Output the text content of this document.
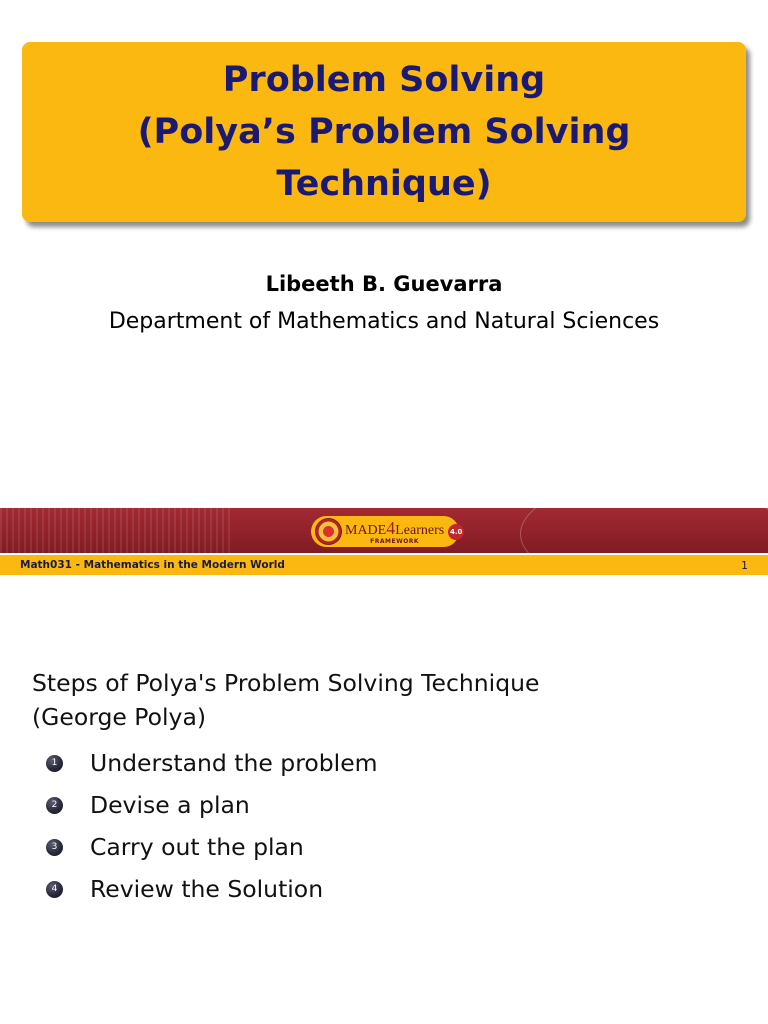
Problem Solving
(Polya’s Problem Solving
Technique)
Libeeth B. Guevarra
Department of Mathematics and Natural Sciences
MADE4Learners
FRAMEWORK
4.0
Math031 - Mathematics in the Modern World	1
Steps of Polya's Problem Solving Technique
(George Polya)
1 Understand the problem
2 Devise a plan
3 Carry out the plan
4 Review the Solution
